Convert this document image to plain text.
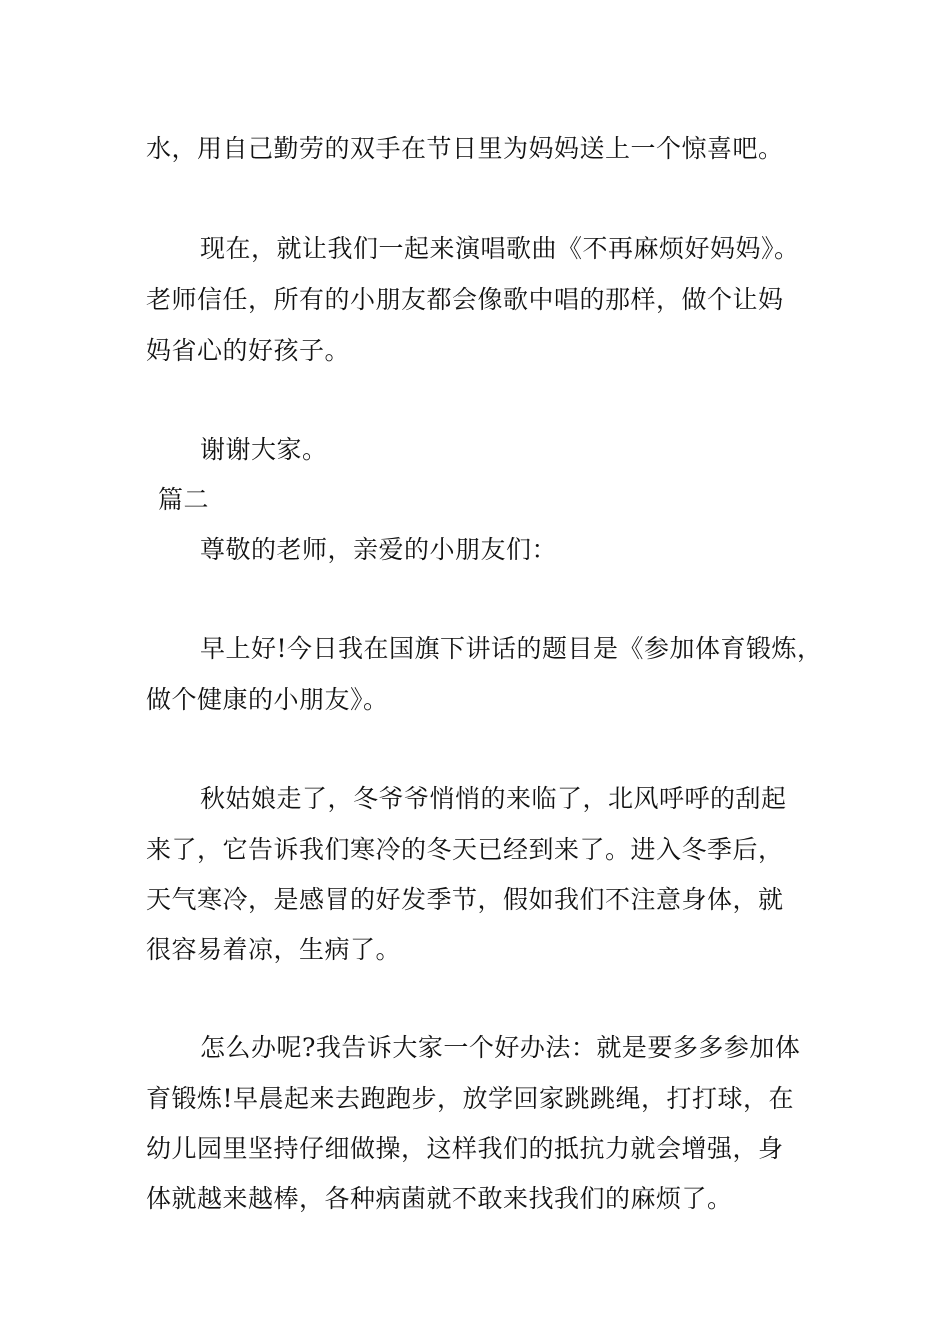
水，用自己勤劳的双手在节日里为妈妈送上一个惊喜吧。
现在，就让我们一起来演唱歌曲《不再麻烦好妈妈》。
老师信任，所有的小朋友都会像歌中唱的那样，做个让妈
妈省心的好孩子。
谢谢大家。
篇二
尊敬的老师，亲爱的小朋友们：
早上好!今日我在国旗下讲话的题目是《参加体育锻炼，
做个健康的小朋友》。
秋姑娘走了，冬爷爷悄悄的来临了，北风呼呼的刮起
来了，它告诉我们寒冷的冬天已经到来了。进入冬季后，
天气寒冷，是感冒的好发季节，假如我们不注意身体，就
很容易着凉，生病了。
怎么办呢?我告诉大家一个好办法：就是要多多参加体
育锻炼!早晨起来去跑跑步，放学回家跳跳绳，打打球，在
幼儿园里坚持仔细做操，这样我们的抵抗力就会增强，身
体就越来越棒，各种病菌就不敢来找我们的麻烦了。
